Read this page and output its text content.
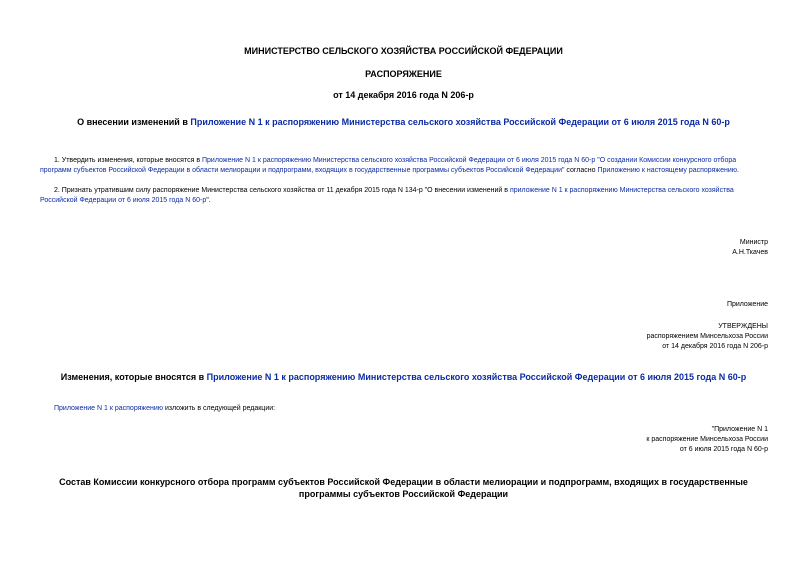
МИНИСТЕРСТВО СЕЛЬСКОГО ХОЗЯЙСТВА РОССИЙСКОЙ ФЕДЕРАЦИИ
РАСПОРЯЖЕНИЕ
от 14 декабря 2016 года N 206-р
О внесении изменений в Приложение N 1 к распоряжению Министерства сельского хозяйства Российской Федерации от 6 июля 2015 года N 60-р
1. Утвердить изменения, которые вносятся в Приложение N 1 к распоряжению Министерства сельского хозяйства Российской Федерации от 6 июля 2015 года N 60-р "О создании Комиссии конкурсного отбора программ субъектов Российской Федерации в области мелиорации и подпрограмм, входящих в государственные программы субъектов Российской Федерации" согласно Приложению к настоящему распоряжению.
2. Признать утратившим силу распоряжение Министерства сельского хозяйства от 11 декабря 2015 года N 134-р "О внесении изменений в приложение N 1 к распоряжению Министерства сельского хозяйства Российской Федерации от 6 июля 2015 года N 60-р".
Министр
А.Н.Ткачев
Приложение
УТВЕРЖДЕНЫ
распоряжением Минсельхоза России
от 14 декабря 2016 года N 206-р
Изменения, которые вносятся в Приложение N 1 к распоряжению Министерства сельского хозяйства Российской Федерации от 6 июля 2015 года N 60-р
Приложение N 1 к распоряжению изложить в следующей редакции:
"Приложение N 1
к распоряжение Минсельхоза России
от 6 июля 2015 года N 60-р
Состав Комиссии конкурсного отбора программ субъектов Российской Федерации в области мелиорации и подпрограмм, входящих в государственные
программы субъектов Российской Федерации
